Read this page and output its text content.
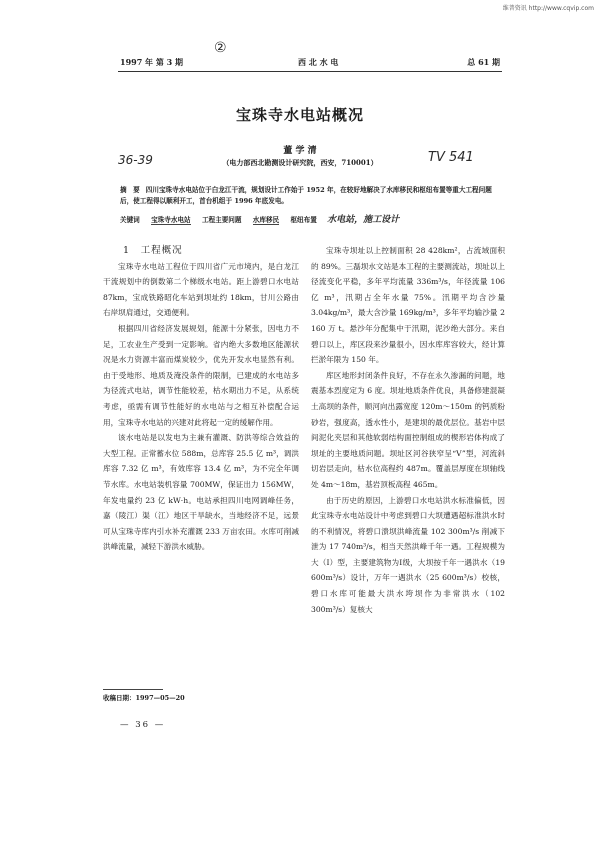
维普资讯 http://www.cqvip.com
②
1997 年 第 3 期	西 北 水 电	总 61 期
宝珠寺水电站概况
36-39	TV 541
董 学 清
（电力部西北勘测设计研究院，西安，710001）
摘　要 四川宝珠寺水电站位于白龙江干流，规划设计工作始于 1952 年，在较好地解决了水库移民和枢纽布置等重大工程问题后，使工程得以顺利开工，首台机组于 1996 年底发电。
关键词 宝珠寺水电站 工程主要问题 水库移民 枢纽布置 水电站，施工设计

1　 工程概况

宝珠寺水电站工程位于四川省广元市境内，是白龙江干流规划中的倒数第二个梯级水电站。距上游碧口水电站 87km，宝成铁路昭化车站到坝址约 18km，甘川公路由右岸坝肩通过，交通便利。

根据四川省经济发展规划，能源十分紧张，因电力不足，工农业生产受到一定影响。省内绝大多数地区能源状况是水力资源丰富而煤炭较少，优先开发水电显然有利。由于受地形、地质及淹没条件的限制，已建成的水电站多为径流式电站，调节性能较差，枯水期出力不足，从系统考虑，亟需有调节性能好的水电站与之相互补偿配合运用，宝珠寺水电站的兴建对此将起一定的缓解作用。

该水电站是以发电为主兼有灌溉、防洪等综合效益的大型工程。正常蓄水位 588m，总库容 25.5 亿 m³，调洪库容 7.32 亿 m³，有效库容 13.4 亿 m³，为不完全年调节水库。水电站装机容量 700MW，保证出力 156MW，年发电量约 23 亿 kW·h。电站承担四川电网调峰任务，嘉（陵江）渠（江）地区干旱缺水，当地经济不足，远景可从宝珠寺库内引水补充灌溉 233 万亩农田。水库可削减洪峰流量，减轻下游洪水威胁。

宝珠寺坝址以上控制面积 28 428km²，占流域面积的 89%。三磊坝水文站是本工程的主要测流站，坝址以上径流变化平稳，多年平均流量 336m³/s，年径流量 106 亿 m³，汛期占全年水量 75%。汛期平均含沙量 3.04kg/m³，最大含沙量 169kg/m³，多年平均输沙量 2 160 万 t。悬沙年分配集中于汛期，泥沙绝大部分。来自碧口以上，库区段来沙量很小，因水库库容较大，经计算拦淤年限为 150 年。

库区地形封闭条件良好，不存在永久渗漏的问题，地震基本烈度定为 6 度。坝址地质条件优良，具备修建混凝土高坝的条件，顺河向出露宽度 120m～150m 的钙质粉砂岩，强度高，透水性小，是建坝的最优层位。基岩中层间泥化夹层和其他软弱结构面控制组成的楔形岩体构成了坝址的主要地质问题。坝址区河谷狭窄呈“V”型，河流斜切岩层走向，枯水位高程约 487m。覆盖层厚度在坝轴线处 4m～18m，基岩顶板高程 465m。

由于历史的原因，上游碧口水电站洪水标准偏低，因此宝珠寺水电站设计中考虑到碧口大坝遭遇超标准洪水时的不利情况，将碧口溃坝洪峰流量 102 300m³/s 削减下泄为 17 740m³/s，相当天然洪峰千年一遇。工程规模为大（Ⅰ）型，主要建筑物为Ⅰ级，大坝按千年一遇洪水（19 600m³/s）设计，万年一遇洪水（25 600m³/s）校核，碧口水库可能最大洪水垮坝作为非常洪水（102 300m³/s）复核大

收稿日期：1997—05—20
— 36 —
